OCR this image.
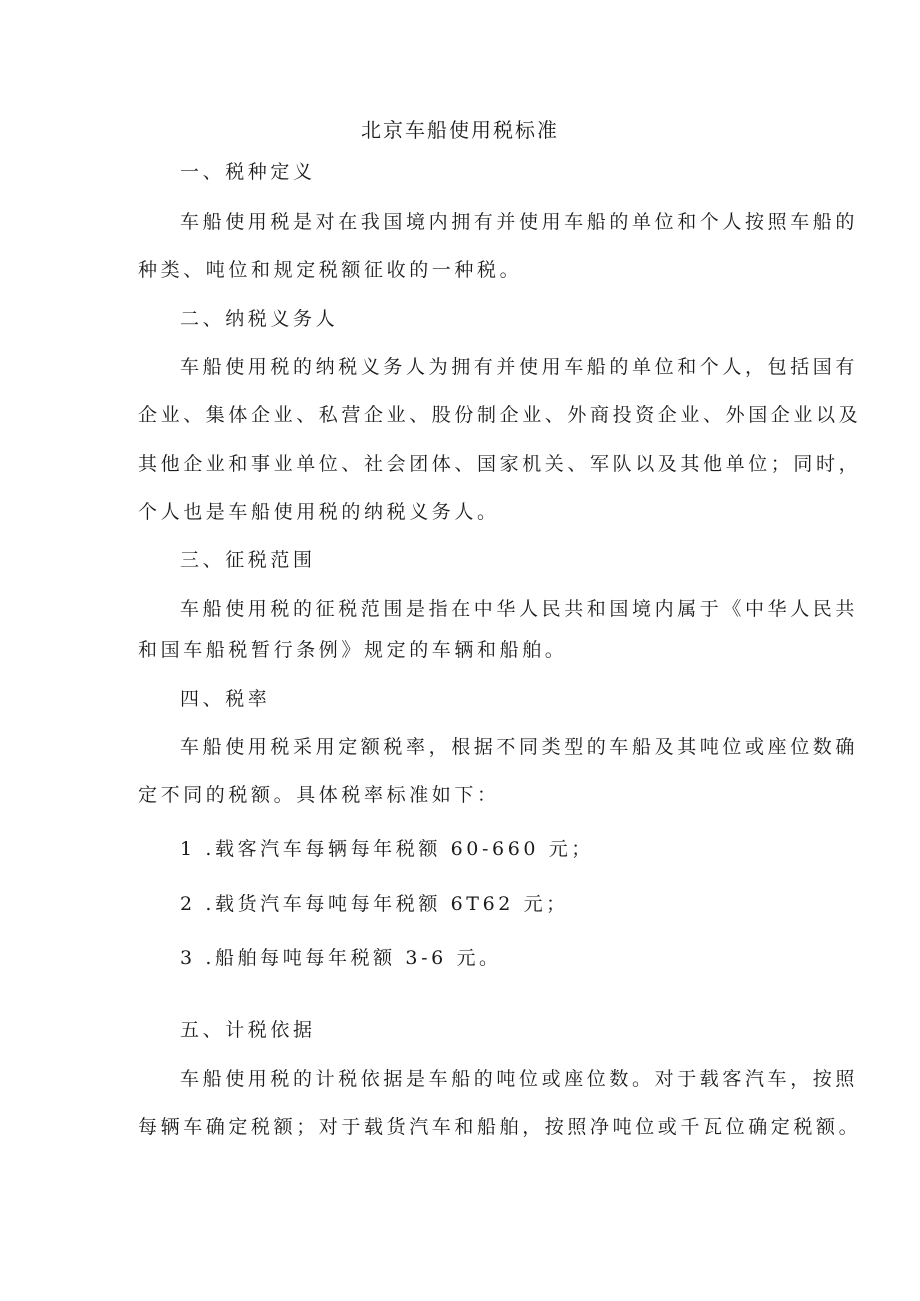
北京车船使用税标准
一、税种定义
车船使用税是对在我国境内拥有并使用车船的单位和个人按照车船的
种类、吨位和规定税额征收的一种税。
二、纳税义务人
车船使用税的纳税义务人为拥有并使用车船的单位和个人，包括国有
企业、集体企业、私营企业、股份制企业、外商投资企业、外国企业以及
其他企业和事业单位、社会团体、国家机关、军队以及其他单位；同时，
个人也是车船使用税的纳税义务人。
三、征税范围
车船使用税的征税范围是指在中华人民共和国境内属于《中华人民共
和国车船税暂行条例》规定的车辆和船舶。
四、税率
车船使用税采用定额税率，根据不同类型的车船及其吨位或座位数确
定不同的税额。具体税率标准如下：
1 .载客汽车每辆每年税额 60-660 元；
2 .载货汽车每吨每年税额 6T62 元；
3 .船舶每吨每年税额 3-6 元。
五、计税依据
车船使用税的计税依据是车船的吨位或座位数。对于载客汽车，按照
每辆车确定税额；对于载货汽车和船舶，按照净吨位或千瓦位确定税额。
